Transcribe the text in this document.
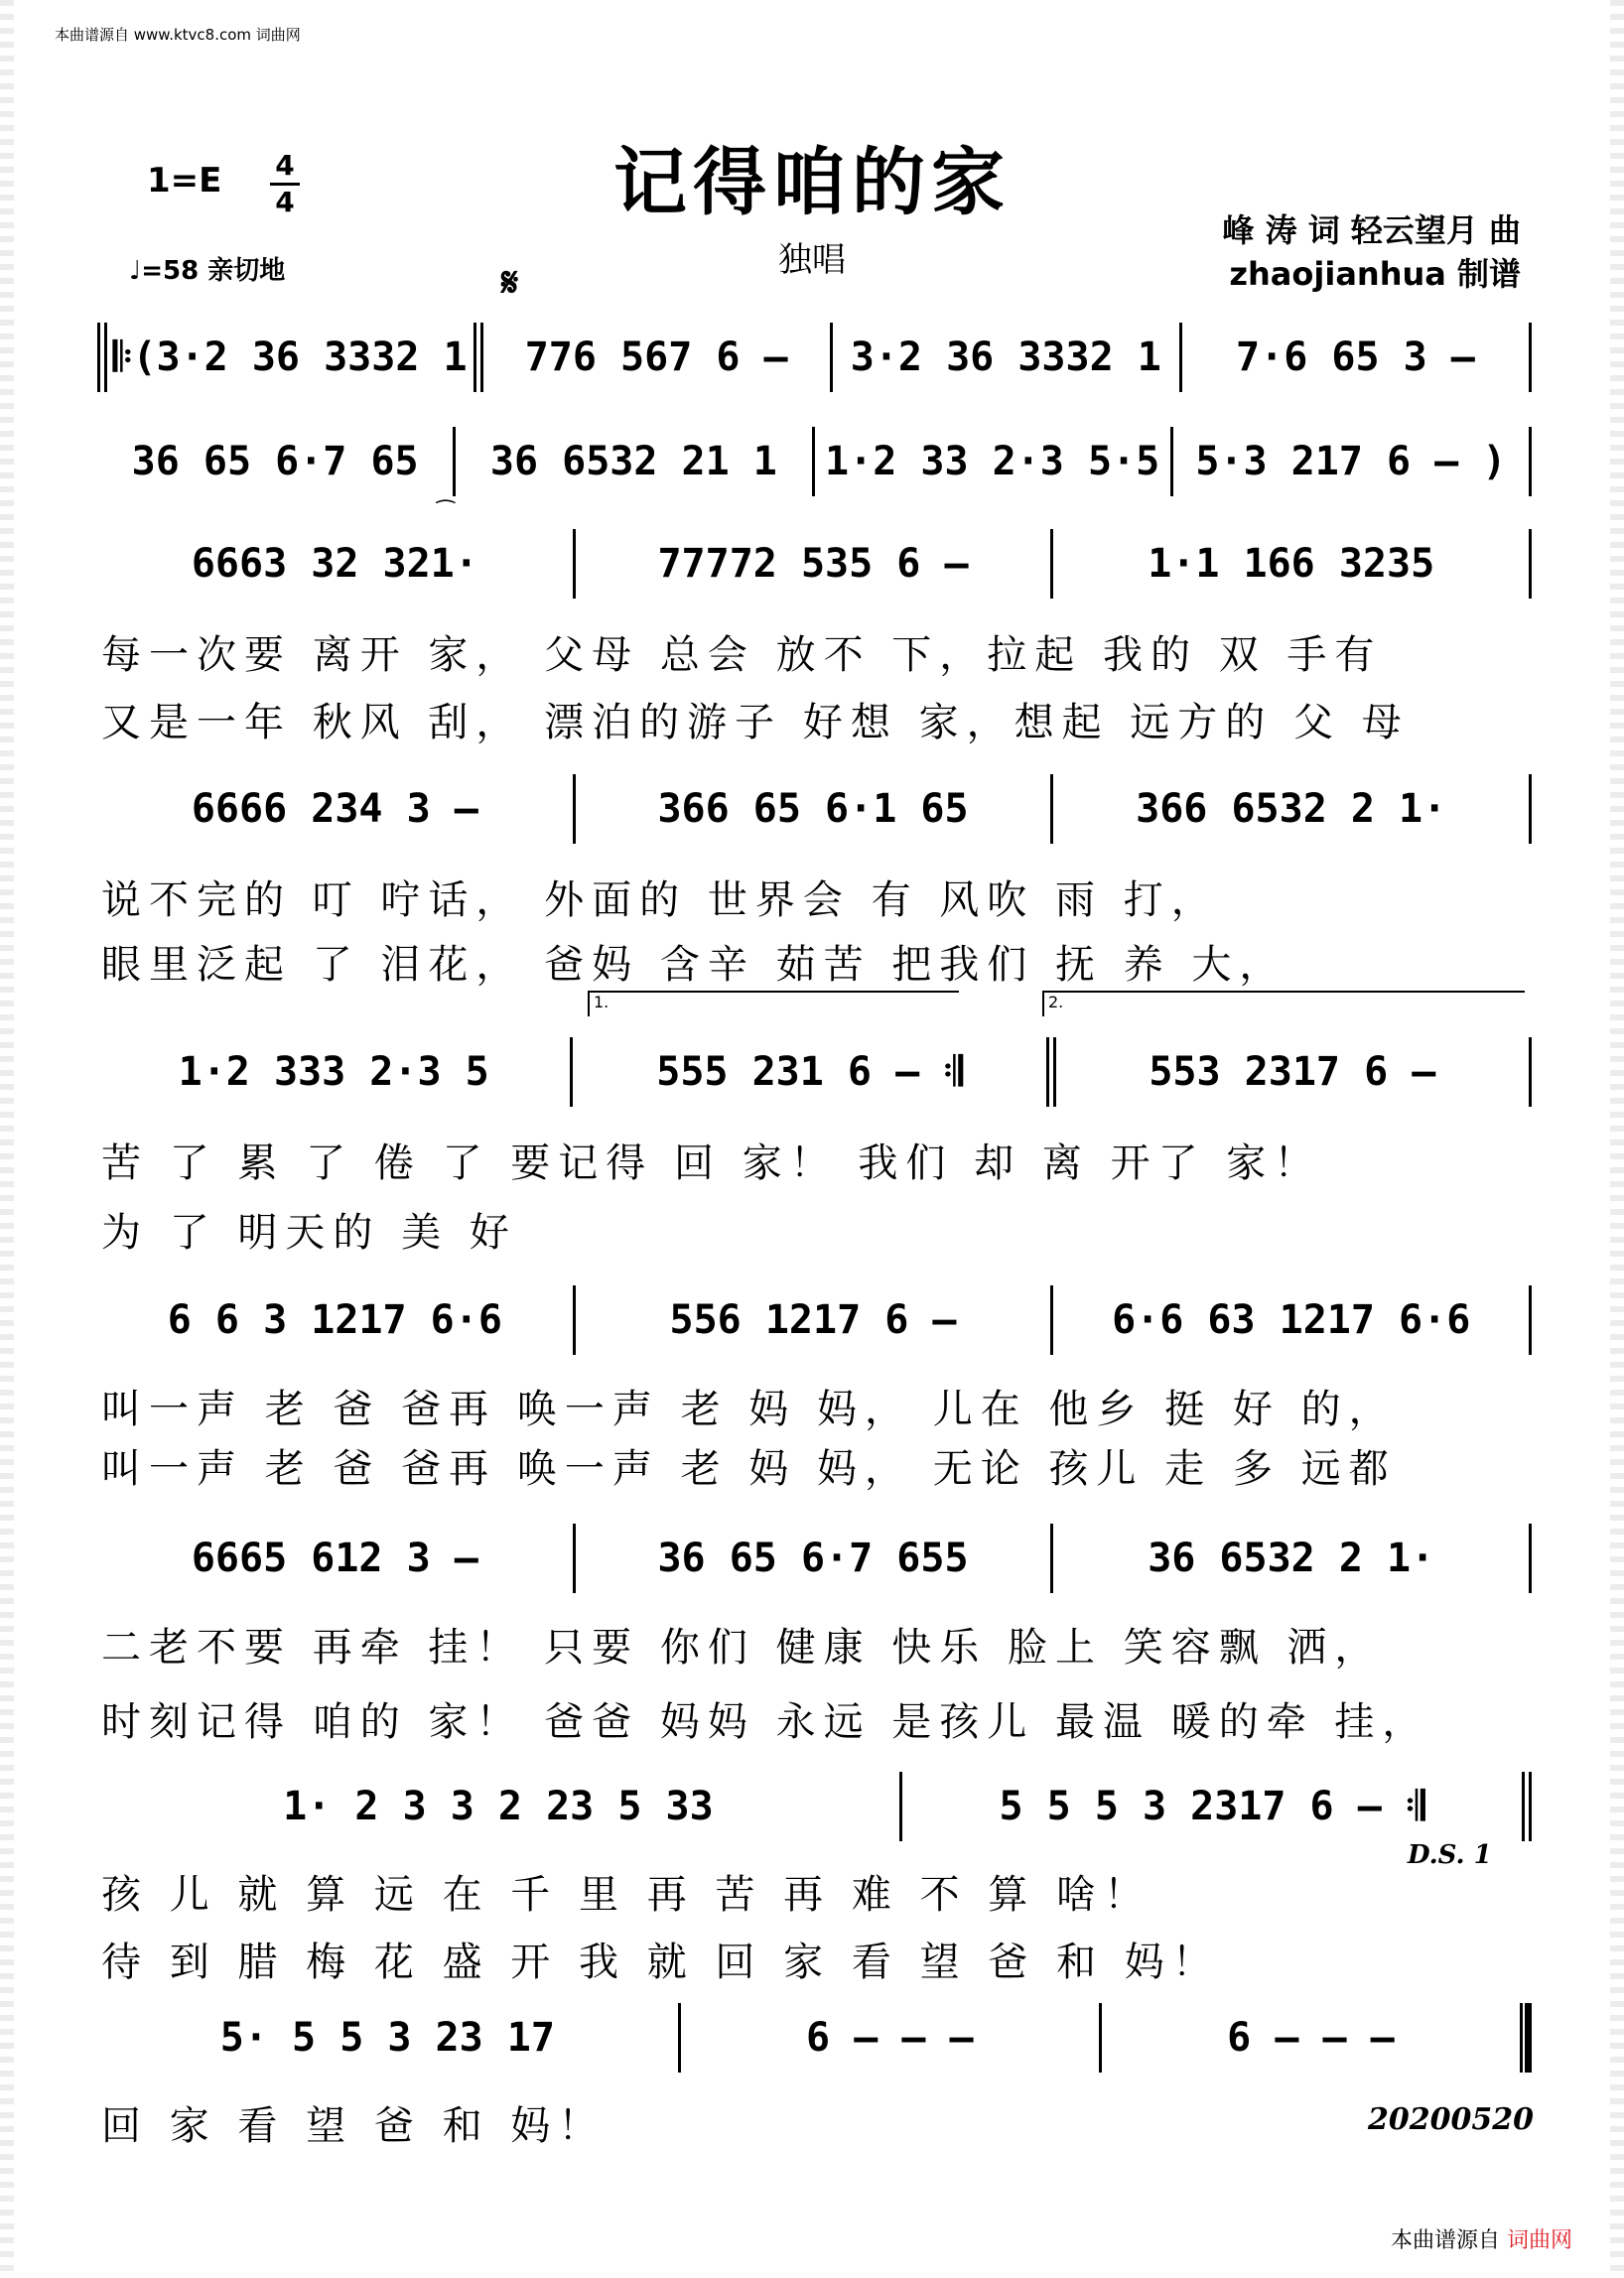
本曲谱源自 www.ktvc8.com 词曲网
1=E 4
4
♩=58 亲切地
记得咱的家
独唱
峰 涛 词 轻云望月 曲
zhaojianhua 制谱
𝄋
𝄆(3·2 36 3332 1	776 567 6 –	3·2 36 3332 1	7·6 65 3 –
36 65 6·7 65	36 6532 21 1	1·2 33 2·3 5·5 5·3 217 6 – )
⁀
6663 32 321·	77772 535 6 –	1·1 166 3235
每一次要 离开 家， 父母 总会 放不 下，拉起 我的 双 手有
又是一年 秋风 刮， 漂泊的游子 好想 家，想起 远方的 父 母
6666 234 3 –	366 65 6·1 65	366 6532 2 1·
说不完的 叮 咛话， 外面的 世界会 有 风吹 雨 打，
眼里泛起 了 泪花， 爸妈 含辛 茹苦 把我们 抚 养 大，
1.	2.
1·2 333 2·3 5	555 231 6 – 𝄇	553 2317 6 –
苦 了 累 了 倦 了 要记得 回 家！ 我们 却 离 开了 家！
为 了 明天的 美 好
6 6 3 1217 6·6	556 1217 6 –	6·6 63 1217 6·6
叫一声 老 爸 爸再 唤一声 老 妈 妈， 儿在 他乡 挺 好 的，
叫一声 老 爸 爸再 唤一声 老 妈 妈， 无论 孩儿 走 多 远都
6665 612 3 –	36 65 6·7 655	36 6532 2 1·
二老不要 再牵 挂！ 只要 你们 健康 快乐 脸上 笑容飘 洒，
时刻记得 咱的 家！ 爸爸 妈妈 永远 是孩儿 最温 暖的牵 挂，
1· 2 3 3 2 23 5 33	5 5 5 3 2317 6 – 𝄇
D.S. 1
孩 儿 就 算 远 在 千 里 再 苦 再 难 不 算 啥！
待 到 腊 梅 花 盛 开 我 就 回 家 看 望 爸 和 妈！
5· 5 5 3 23 17	6 – – –	6 – – –
回 家 看 望 爸 和 妈！	20200520
本曲谱源自 词曲网
